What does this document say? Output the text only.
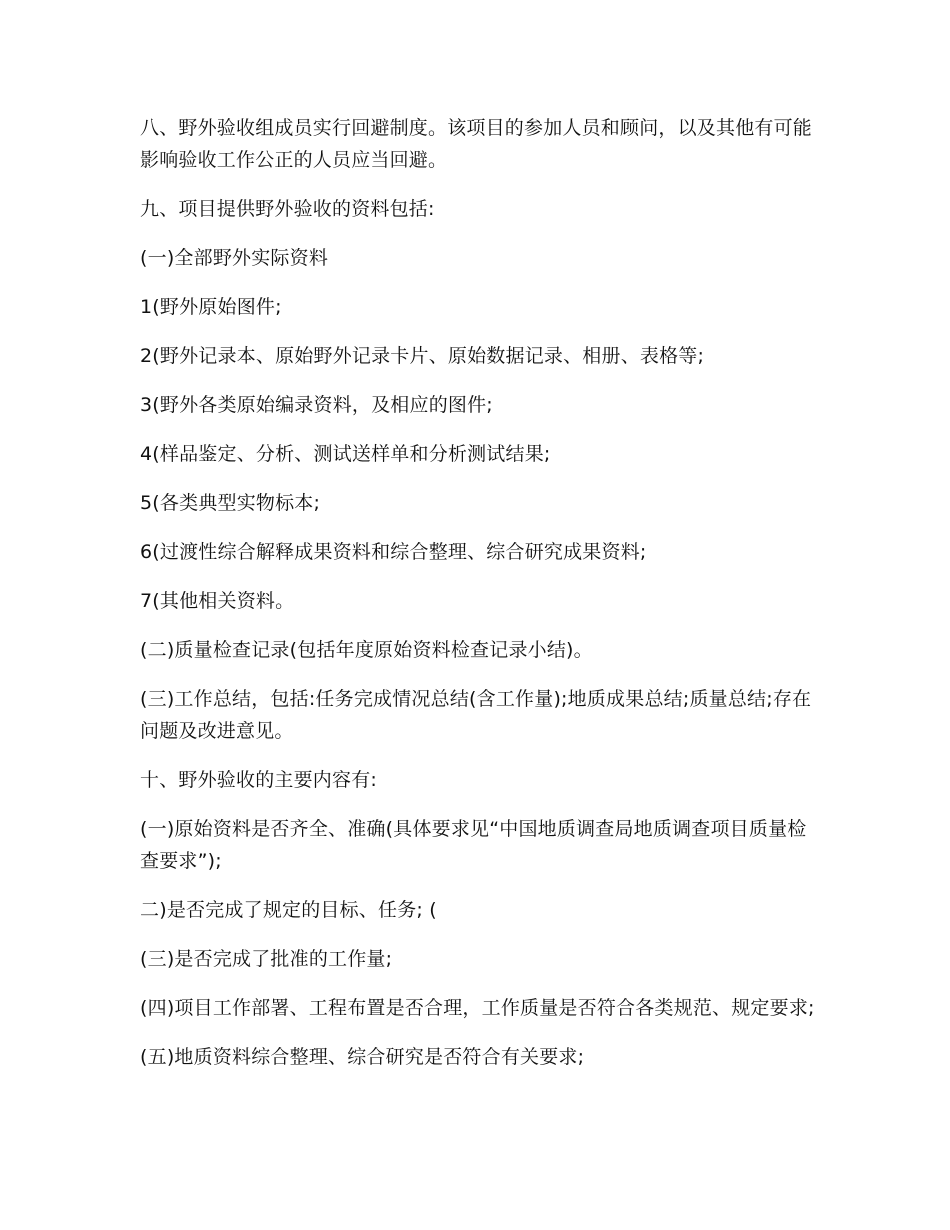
八、野外验收组成员实行回避制度。该项目的参加人员和顾问，以及其他有可能影响验收工作公正的人员应当回避。

九、项目提供野外验收的资料包括:

(一)全部野外实际资料

1(野外原始图件;

2(野外记录本、原始野外记录卡片、原始数据记录、相册、表格等;

3(野外各类原始编录资料，及相应的图件;

4(样品鉴定、分析、测试送样单和分析测试结果;

5(各类典型实物标本;

6(过渡性综合解释成果资料和综合整理、综合研究成果资料;

7(其他相关资料。

(二)质量检查记录(包括年度原始资料检查记录小结)。

(三)工作总结，包括:任务完成情况总结(含工作量);地质成果总结;质量总结;存在问题及改进意见。

十、野外验收的主要内容有:

(一)原始资料是否齐全、准确(具体要求见“中国地质调查局地质调查项目质量检查要求”);

二)是否完成了规定的目标、任务; (

(三)是否完成了批准的工作量;

(四)项目工作部署、工程布置是否合理，工作质量是否符合各类规范、规定要求;

(五)地质资料综合整理、综合研究是否符合有关要求;
